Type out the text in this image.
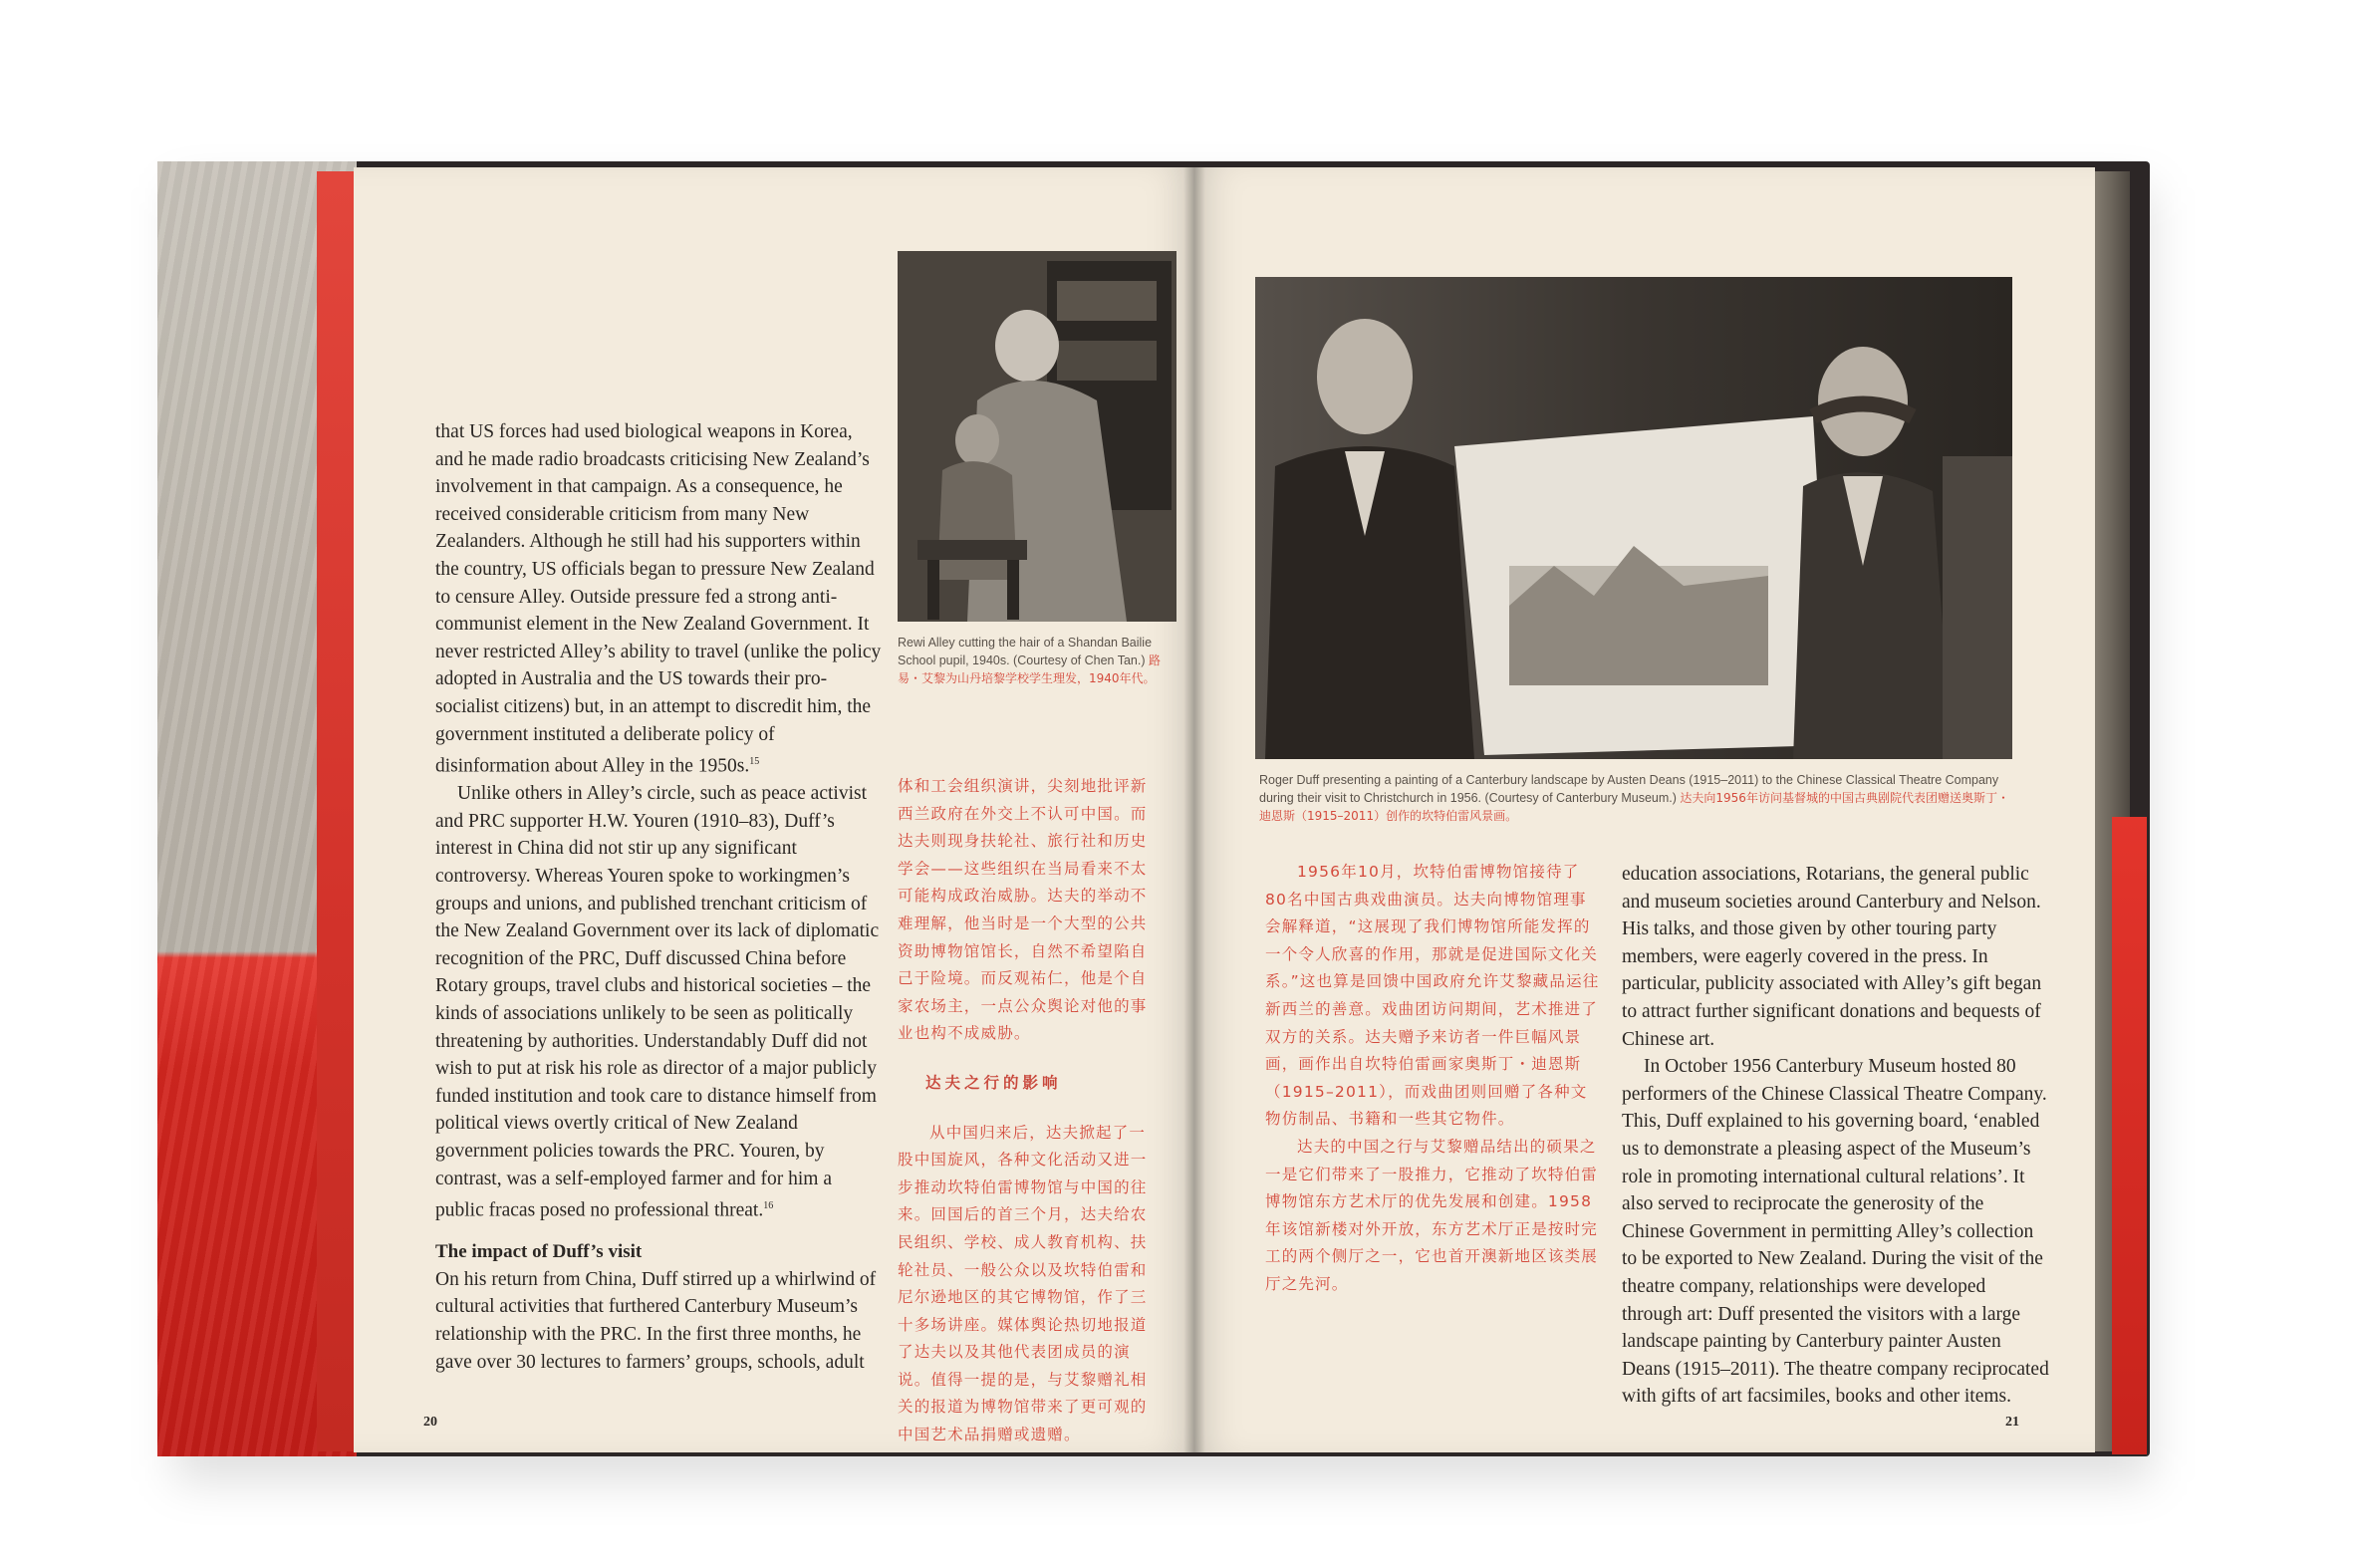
Rewi Alley cutting the hair of a Shandan Bailie School pupil, 1940s. (Courtesy of Chen Tan.) 路易・艾黎为山丹培黎学校学生理发，1940年代。

that US forces had used biological weapons in Korea, and he made radio broadcasts criticising New Zealand’s involvement in that campaign. As a consequence, he received considerable criticism from many New Zealanders. Although he still had his supporters within the country, US officials began to pressure New Zealand to censure Alley. Outside pressure fed a strong anti-communist element in the New Zealand Government. It never restricted Alley’s ability to travel (unlike the policy adopted in Australia and the US towards their pro-socialist citizens) but, in an attempt to discredit him, the government instituted a deliberate policy of disinformation about Alley in the 1950s.$^{15}$

Unlike others in Alley’s circle, such as peace activist and PRC supporter H.W. Youren (1910–83), Duff’s interest in China did not stir up any significant controversy. Whereas Youren spoke to workingmen’s groups and unions, and published trenchant criticism of the New Zealand Government over its lack of diplomatic recognition of the PRC, Duff discussed China before Rotary groups, travel clubs and historical societies – the kinds of associations unlikely to be seen as politically threatening by authorities. Understandably Duff did not wish to put at risk his role as director of a major publicly funded institution and took care to distance himself from political views overtly critical of New Zealand government policies towards the PRC. Youren, by contrast, was a self-employed farmer and for him a public fracas posed no professional threat.$^{16}$

The impact of Duff’s visit

On his return from China, Duff stirred up a whirlwind of cultural activities that furthered Canterbury Museum’s relationship with the PRC. In the first three months, he gave over 30 lectures to farmers’ groups, schools, adult

体和工会组织演讲，尖刻地批评新西兰政府在外交上不认可中国。而达夫则现身扶轮社、旅行社和历史学会——这些组织在当局看来不太可能构成政治威胁。达夫的举动不难理解，他当时是一个大型的公共资助博物馆馆长，自然不希望陷自己于险境。而反观祐仁，他是个自家农场主，一点公众舆论对他的事业也构不成威胁。

达夫之行的影响

从中国归来后，达夫掀起了一股中国旋风，各种文化活动又进一步推动坎特伯雷博物馆与中国的往来。回国后的首三个月，达夫给农民组织、学校、成人教育机构、扶轮社员、一般公众以及坎特伯雷和尼尔逊地区的其它博物馆，作了三十多场讲座。媒体舆论热切地报道了达夫以及其他代表团成员的演说。值得一提的是，与艾黎赠礼相关的报道为博物馆带来了更可观的中国艺术品捐赠或遗赠。

20
Roger Duff presenting a painting of a Canterbury landscape by Austen Deans (1915–2011) to the Chinese Classical Theatre Company during their visit to Christchurch in 1956. (Courtesy of Canterbury Museum.) 达夫向1956年访问基督城的中国古典剧院代表团赠送奥斯丁・迪恩斯（1915–2011）创作的坎特伯雷风景画。

1956年10月，坎特伯雷博物馆接待了80名中国古典戏曲演员。达夫向博物馆理事会解释道，“这展现了我们博物馆所能发挥的一个令人欣喜的作用，那就是促进国际文化关系。”这也算是回馈中国政府允许艾黎藏品运往新西兰的善意。戏曲团访问期间，艺术推进了双方的关系。达夫赠予来访者一件巨幅风景画，画作出自坎特伯雷画家奥斯丁・迪恩斯（1915–2011），而戏曲团则回赠了各种文物仿制品、书籍和一些其它物件。

达夫的中国之行与艾黎赠品结出的硕果之一是它们带来了一股推力，它推动了坎特伯雷博物馆东方艺术厅的优先发展和创建。1958年该馆新楼对外开放，东方艺术厅正是按时完工的两个侧厅之一，它也首开澳新地区该类展厅之先河。

education associations, Rotarians, the general public and museum societies around Canterbury and Nelson. His talks, and those given by other touring party members, were eagerly covered in the press. In particular, publicity associated with Alley’s gift began to attract further significant donations and bequests of Chinese art.

In October 1956 Canterbury Museum hosted 80 performers of the Chinese Classical Theatre Company. This, Duff explained to his governing board, ‘enabled us to demonstrate a pleasing aspect of the Museum’s role in promoting international cultural relations’. It also served to reciprocate the generosity of the Chinese Government in permitting Alley’s collection to be exported to New Zealand. During the visit of the theatre company, relationships were developed through art: Duff presented the visitors with a large landscape painting by Canterbury painter Austen Deans (1915–2011). The theatre company reciprocated with gifts of art facsimiles, books and other items.

21
